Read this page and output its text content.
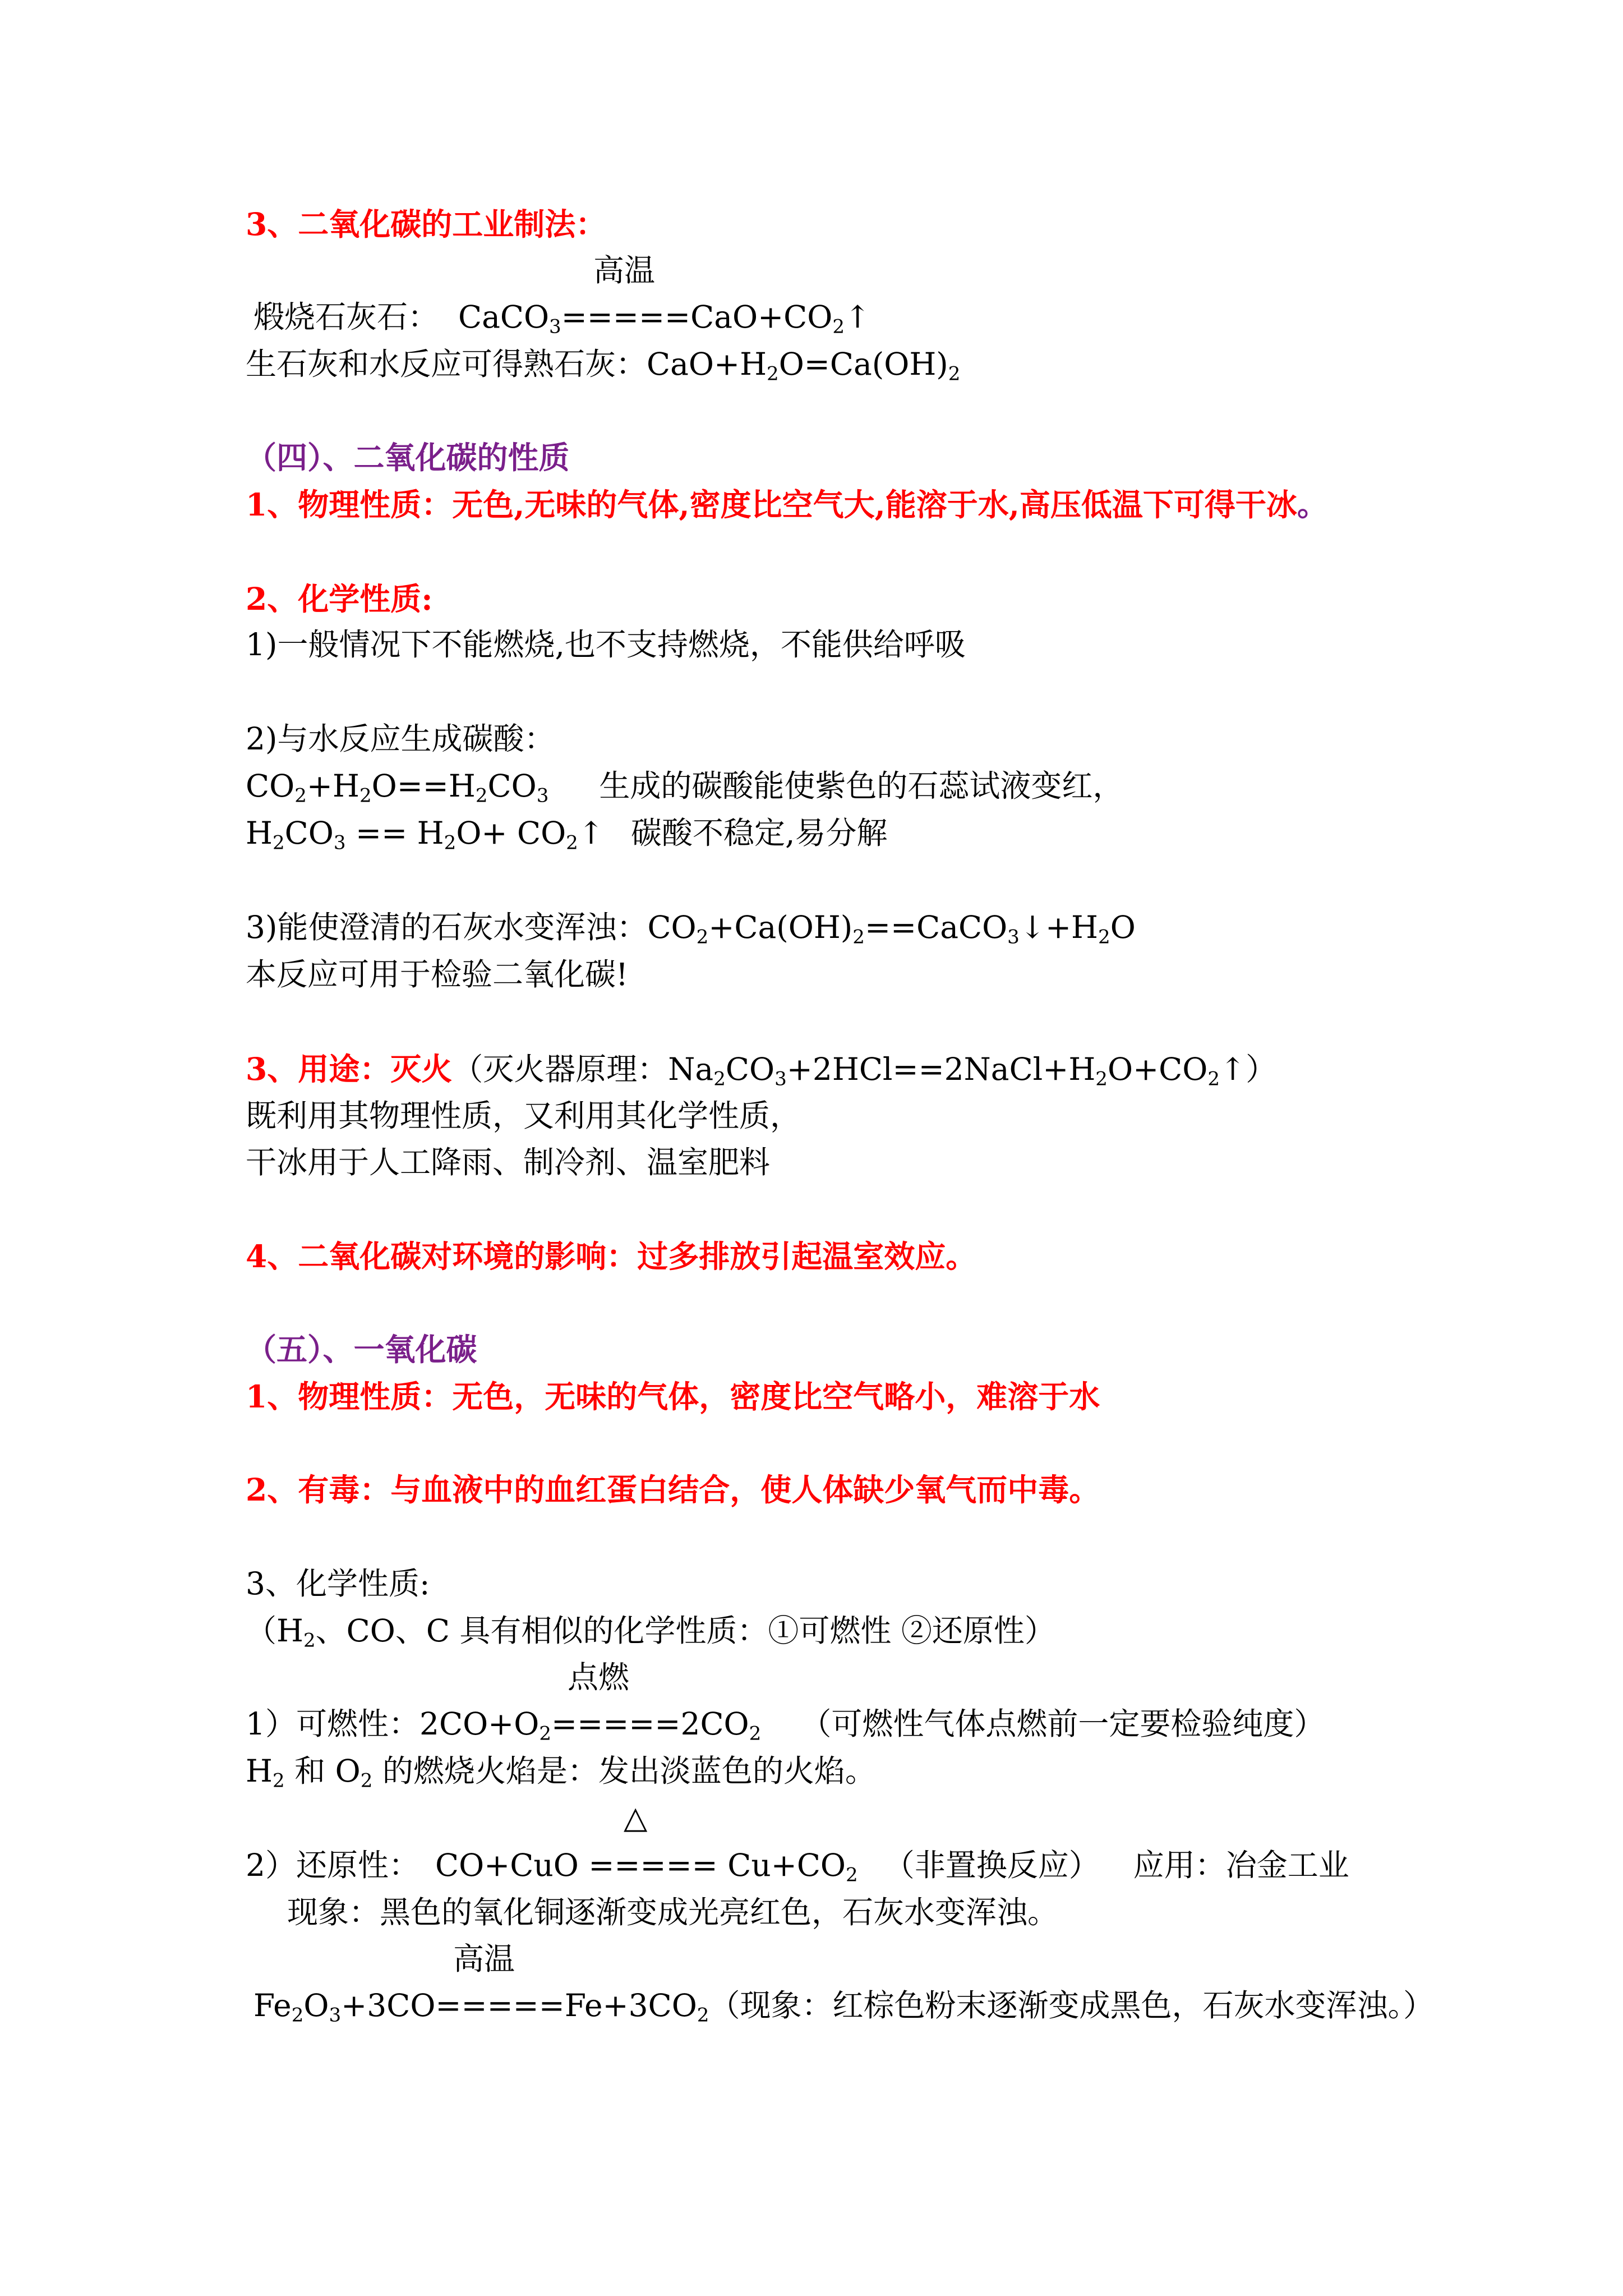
3、二氧化碳的工业制法：
高温
煅烧石灰石： $CaCO_3=====CaO+CO_2↑$
生石灰和水反应可得熟石灰：$CaO+H_2O=Ca(OH)_2$
（四）、二氧化碳的性质
1、物理性质：无色,无味的气体,密度比空气大,能溶于水,高压低温下可得干冰。
2、化学性质:
1)一般情况下不能燃烧,也不支持燃烧，不能供给呼吸
2)与水反应生成碳酸：
$CO_2+H_2O==H_2CO_3$ 生成的碳酸能使紫色的石蕊试液变红，
$H_2CO_3 == H_2O+$ $CO_2↑$ 碳酸不稳定,易分解
3)能使澄清的石灰水变浑浊：$CO_2+Ca(OH)_2==CaCO_3↓+H_2O$
本反应可用于检验二氧化碳!
3、用途：灭火（灭火器原理：$Na_2CO_3+2HCl==2NaCl+H_2O+CO_2↑$）
既利用其物理性质，又利用其化学性质，
干冰用于人工降雨、制冷剂、温室肥料
4、二氧化碳对环境的影响：过多排放引起温室效应。
（五）、一氧化碳
1、物理性质：无色，无味的气体，密度比空气略小，难溶于水
2、有毒：与血液中的血红蛋白结合，使人体缺少氧气而中毒。
3、化学性质:
（$H_2$、CO、C 具有相似的化学性质：①可燃性 ②还原性）
点燃
1）可燃性：$2CO+O_2=====2CO_2$ （可燃性气体点燃前一定要检验纯度）
$H_2$ 和 $O_2$ 的燃烧火焰是：发出淡蓝色的火焰。
△
2）还原性： CO+CuO ===== $Cu+CO_2$ （非置换反应） 应用：冶金工业
现象：黑色的氧化铜逐渐变成光亮红色，石灰水变浑浊。
高温
$Fe_2O_3+3CO=====Fe+3CO_2$（现象：红棕色粉末逐渐变成黑色，石灰水变浑浊。）
